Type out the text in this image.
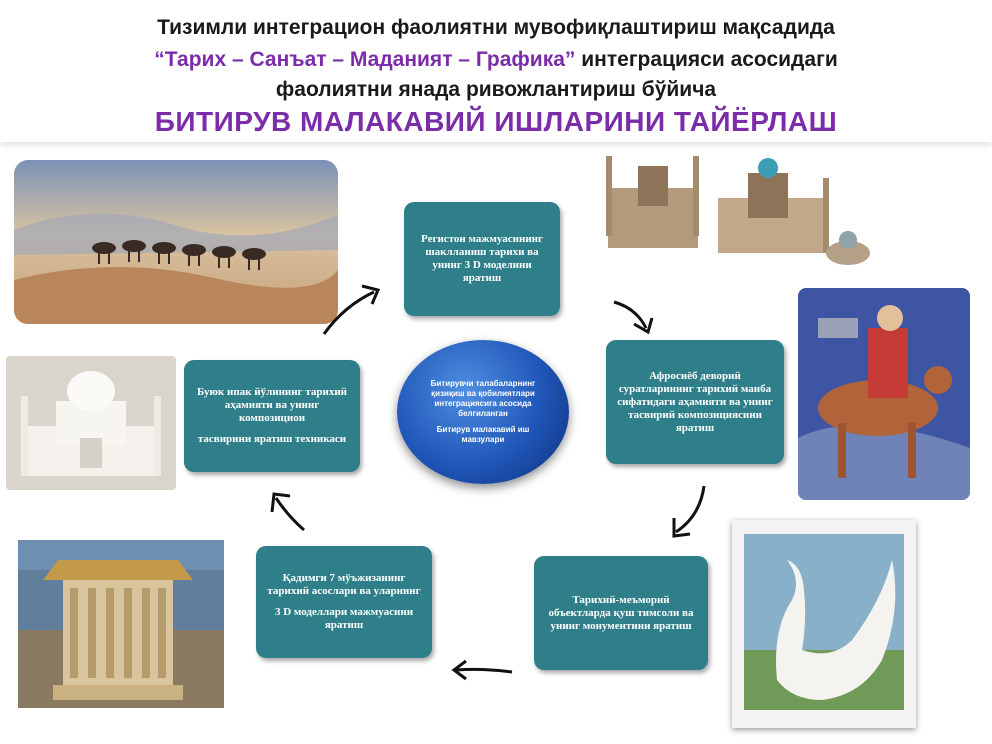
Тизимли интеграцион фаолиятни мувофиқлаштириш мақсадида
“Тарих – Санъат – Маданият – Графика” интеграцияси асосидаги
фаолиятни янада ривожлантириш бўйича
БИТИРУВ МАЛАКАВИЙ ИШЛАРИНИ ТАЙЁРЛАШ
Битирувчи талабаларнинг қизиқиш ва қобилиятлари интеграциясига асосида белгиланган
Битирув малакавий иш мавзулари
Регистон мажмуасининг шаклланиш тарихи ва унинг 3 D моделини яратиш
Афросиёб деворий суратларининг тарихий манба сифатидаги аҳамияти ва унинг тасвирий композициясини яратиш
Тарихий-меъморий объектларда қуш тимсоли ва унинг монументини яратиш
Қадимги 7 мўъжизанинг тарихий асослари ва уларнинг
3 D моделлари мажмуасини яратиш
Буюк ипак йўлининг тарихий аҳамияти ва унинг композицион
тасвирини яратиш техникаси
